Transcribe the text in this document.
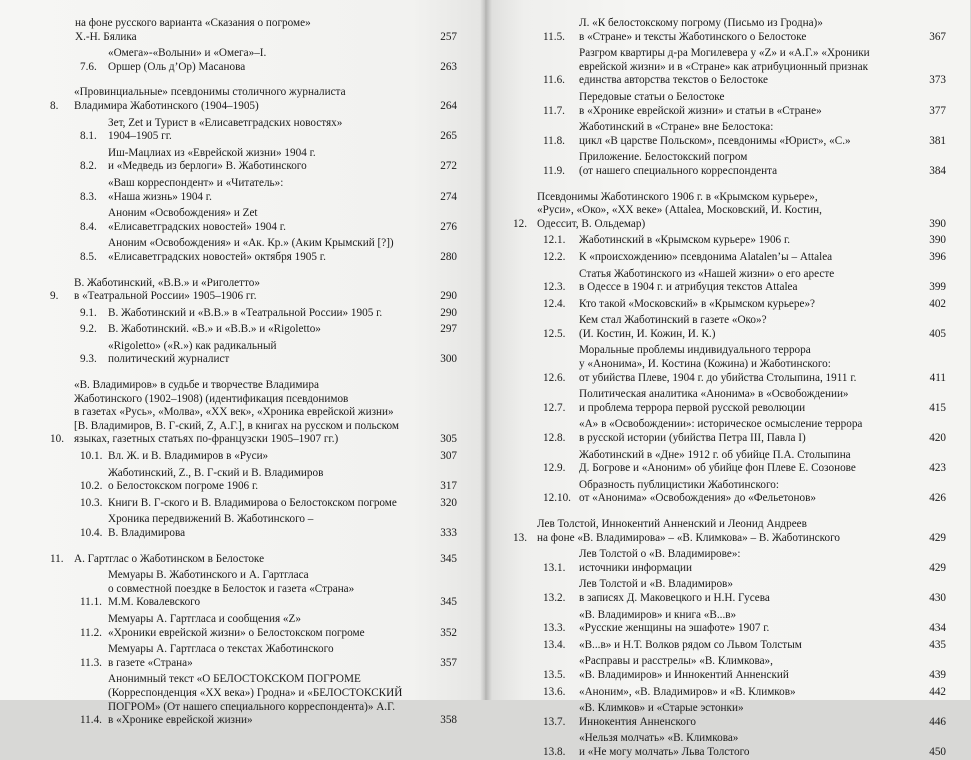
на фоне русского варианта «Сказания о погроме»
Х.-Н. Бялика	257
7.6.
«Омега»-«Волыни» и «Омега»–I.
Оршер (Оль д’Ор) Масанова	263
8.
«Провинциальные» псевдонимы столичного журналиста
Владимира Жаботинского (1904–1905)	264
8.1.
Зет, Zet и Турист в «Елисаветградских новостях»
1904–1905 гг.	265
8.2.
Иш-Мацлиах из «Еврейской жизни» 1904 г.
и «Медведь из берлоги» В. Жаботинского	272
8.3.
«Ваш корреспондент» и «Читатель»:
«Наша жизнь» 1904 г.	274
8.4.
Аноним «Освобождения» и Zet
«Елисаветградских новостей» 1904 г.	276
8.5.
Аноним «Освобождения» и «Ак. Кр.» (Аким Крымский [?])
«Елисаветградских новостей» октября 1905 г.	280
9.
В. Жаботинский, «В.В.» и «Риголетто»
в «Театральной России» 1905–1906 гг.	290
9.1.	В. Жаботинский и «В.В.» в «Театральной России» 1905 г.	290
9.2.	В. Жаботинский. «В.» и «В.В.» и «Rigoletto»	297
9.3.
«Rigoletto» («R.») как радикальный
политический журналист	300
10.
«В. Владимиров» в судьбе и творчестве Владимира
Жаботинского (1902–1908) (идентификация псевдонимов
в газетах «Русь», «Молва», «XX век», «Хроника еврейской жизни»
[В. Владимиров, В. Г-ский, Z, А.Г.], в книгах на русском и польском
языках, газетных статьях по-французски 1905–1907 гг.)	305
10.1. Вл. Ж. и В. Владимиров в «Руси»	307
10.2.
Жаботинский, Z., В. Г-ский и В. Владимиров
о Белостокском погроме 1906 г.	317
10.3. Книги В. Г-ского и В. Владимирова о Белостокском погроме	320
10.4.
Хроника передвижений В. Жаботинского –
В. Владимирова	333
11. А. Гартглас о Жаботинском в Белостоке	345
11.1.
Мемуары В. Жаботинского и А. Гартгласа
о совместной поездке в Белосток и газета «Страна»
М.М. Ковалевского	345
11.2.
Мемуары А. Гартгласа и сообщения «Z»
«Хроники еврейской жизни» о Белостокском погроме	352
11.3.
Мемуары А. Гартгласа о текстах Жаботинского
в газете «Страна»	357
11.4.
Анонимный текст «О БЕЛОСТОКСКОМ ПОГРОМЕ
(Корреспонденция «XX века») Гродна» и «БЕЛОСТОКСКИЙ
ПОГРОМ» (От нашего специального корреспондента)» А.Г.
в «Хронике еврейской жизни»	358
11.5.
Л. «К белостокскому погрому (Письмо из Гродна)»
в «Стране» и тексты Жаботинского о Белостоке	367
11.6.
Разгром квартиры д-ра Могилевера у «Z» и «А.Г.» «Хроники
еврейской жизни» и в «Стране» как атрибуционный признак
единства авторства текстов о Белостоке	373
11.7.
Передовые статьи о Белостоке
в «Хронике еврейской жизни» и статьи в «Стране»	377
11.8.
Жаботинский в «Стране» вне Белостока:
цикл «В царстве Польском», псевдонимы «Юрист», «С.»	381
11.9.
Приложение. Белостокский погром
(от нашего специального корреспондента	384
12.
Псевдонимы Жаботинского 1906 г. в «Крымском курьере»,
«Руси», «Око», «XX веке» (Attalea, Московский, И. Костин,
Одессит, В. Ольдемар)	390
12.1.	Жаботинский в «Крымском курьере» 1906 г.	390
12.2.	К «происхождению» псевдонима Alatalen’ы – Attalea	396
12.3.
Статья Жаботинского из «Нашей жизни» о его аресте
в Одессе в 1904 г. и атрибуция текстов Attalea	399
12.4.	Кто такой «Московский» в «Крымском курьере»?	402
12.5.
Кем стал Жаботинский в газете «Око»?
(И. Костин, И. Кожин, И. К.)	405
12.6.
Моральные проблемы индивидуального террора
у «Анонима», И. Костина (Кожина) и Жаботинского:
от убийства Плеве, 1904 г. до убийства Столыпина, 1911 г.	411
12.7.
Политическая аналитика «Анонима» в «Освобождении»
и проблема террора первой русской революции	415
12.8.
«А» в «Освобождении»: историческое осмысление террора
в русской истории (убийства Петра III, Павла I)	420
12.9.
Жаботинский в «Дне» 1912 г. об убийце П.А. Столыпина
Д. Богрове и «Аноним» об убийце фон Плеве Е. Созонове	423
12.10.
Образность публицистики Жаботинского:
от «Анонима» «Освобождения» до «Фельетонов»	426
13.
Лев Толстой, Иннокентий Анненский и Леонид Андреев
на фоне «В. Владимирова» – «В. Климкова» – В. Жаботинского	429
13.1.
Лев Толстой о «В. Владимирове»:
источники информации	429
13.2.
Лев Толстой и «В. Владимиров»
в записях Д. Маковецкого и Н.Н. Гусева	430
13.3.
«В. Владимиров» и книга «В...в»
«Русские женщины на эшафоте» 1907 г.	434
13.4.	«В...в» и Н.Т. Волков рядом со Львом Толстым	435
13.5.
«Расправы и расстрелы» «В. Климкова»,
«В. Владимиров» и Иннокентий Анненский	439
13.6.	«Аноним», «В. Владимиров» и «В. Климков»	442
13.7.
«В. Климков» и «Старые эстонки»
Иннокентия Анненского	446
13.8.
«Нельзя молчать» «В. Климкова»
и «Не могу молчать» Льва Толстого	450
